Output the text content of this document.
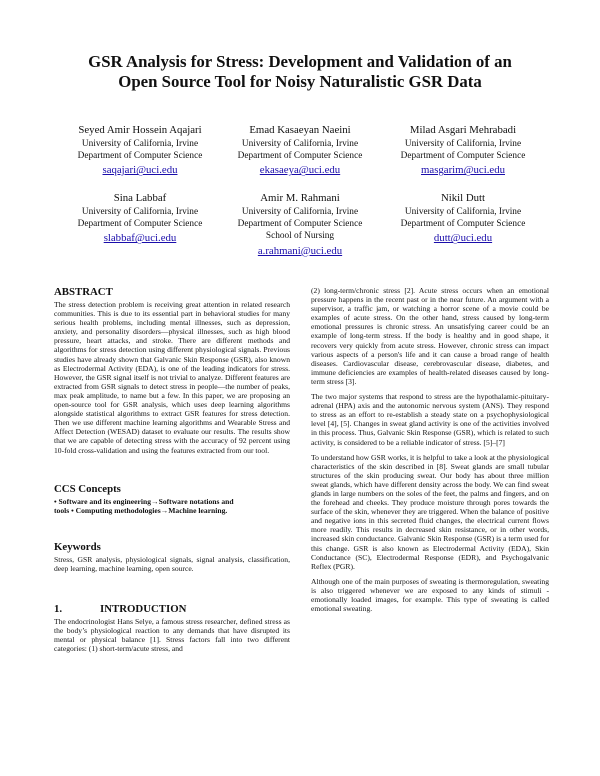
GSR Analysis for Stress: Development and Validation of an
Open Source Tool for Noisy Naturalistic GSR Data
Seyed Amir Hossein Aqajari
University of California, Irvine
Department of Computer Science
saqajari@uci.edu
Emad Kasaeyan Naeini
University of California, Irvine
Department of Computer Science
ekasaeya@uci.edu
Milad Asgari Mehrabadi
University of California, Irvine
Department of Computer Science
masgarim@uci.edu
Sina Labbaf
University of California, Irvine
Department of Computer Science
slabbaf@uci.edu
Amir M. Rahmani
University of California, Irvine
Department of Computer Science
School of Nursing
a.rahmani@uci.edu
Nikil Dutt
University of California, Irvine
Department of Computer Science
dutt@uci.edu
ABSTRACT

The stress detection problem is receiving great attention in related research communities. This is due to its essential part in behavioral studies for many serious health problems, including mental illnesses, such as depression, anxiety, and personality disorders—physical illnesses, such as high blood pressure, heart attacks, and stroke. There are different methods and algorithms for stress detection using different physiological signals. Previous studies have already shown that Galvanic Skin Response (GSR), also known as Electrodermal Activity (EDA), is one of the leading indicators for stress. However, the GSR signal itself is not trivial to analyze. Different features are extracted from GSR signals to detect stress in people—the number of peaks, max peak amplitude, to name but a few. In this paper, we are proposing an open-source tool for GSR analysis, which uses deep learning algorithms alongside statistical algorithms to extract GSR features for stress detection. Then we use different machine learning algorithms and Wearable Stress and Affect Detection (WESAD) dataset to evaluate our results. The results show that we are capable of detecting stress with the accuracy of 92 percent using 10-fold cross-validation and using the features extracted from our tool.

CCS Concepts
• Software and its engineering→Software notations and
tools • Computing methodologies→Machine learning.
Keywords

Stress, GSR analysis, physiological signals, signal analysis, classification, deep learning, machine learning, open source.

1.	INTRODUCTION

The endocrinologist Hans Selye, a famous stress researcher, defined stress as the body’s physiological reaction to any demands that have disrupted its mental or physical balance [1]. Stress factors fall into two different categories: (1) short-term/acute stress, and

(2) long-term/chronic stress [2]. Acute stress occurs when an emotional pressure happens in the recent past or in the near future. An argument with a supervisor, a traffic jam, or watching a horror scene of a movie could be examples of acute stress. On the other hand, stress caused by long-term emotional pressures is chronic stress. An unsatisfying career could be an example of long-term stress. If the body is healthy and in good shape, it recovers very quickly from acute stress. However, chronic stress can impact various aspects of a person's life and it can cause a broad range of health diseases. Cardiovascular disease, cerebrovascular disease, diabetes, and immune deficiencies are examples of health-related diseases caused by long-term stress [3].

The two major systems that respond to stress are the hypothalamic-pituitary-adrenal (HPA) axis and the autonomic nervous system (ANS). They respond to stress as an effort to re-establish a steady state on a psychophysiological level [4], [5]. Changes in sweat gland activity is one of the activities involved in this process. Thus, Galvanic Skin Response (GSR), which is related to such activity, is considered to be a reliable indicator of stress. [5]–[7]

To understand how GSR works, it is helpful to take a look at the physiological characteristics of the skin described in [8]. Sweat glands are small tubular structures of the skin producing sweat. Our body has about three million sweat glands, which have different density across the body. We can find sweat glands in large numbers on the soles of the feet, the palms and fingers, and on the forehead and cheeks. They produce moisture through pores towards the surface of the skin, whenever they are triggered. When the balance of positive and negative ions in this secreted fluid changes, the electrical current flows more readily. This results in decreased skin resistance, or in other words, increased skin conductance. Galvanic Skin Response (GSR) is a term used for this change. GSR is also known as Electrodermal Activity (EDA), Skin Conductance (SC), Electrodermal Response (EDR), and Psychogalvanic Reflex (PGR).

Although one of the main purposes of sweating is thermoregulation, sweating is also triggered whenever we are exposed to any kinds of stimuli - emotionally loaded images, for example. This type of sweating is called emotional sweating.
